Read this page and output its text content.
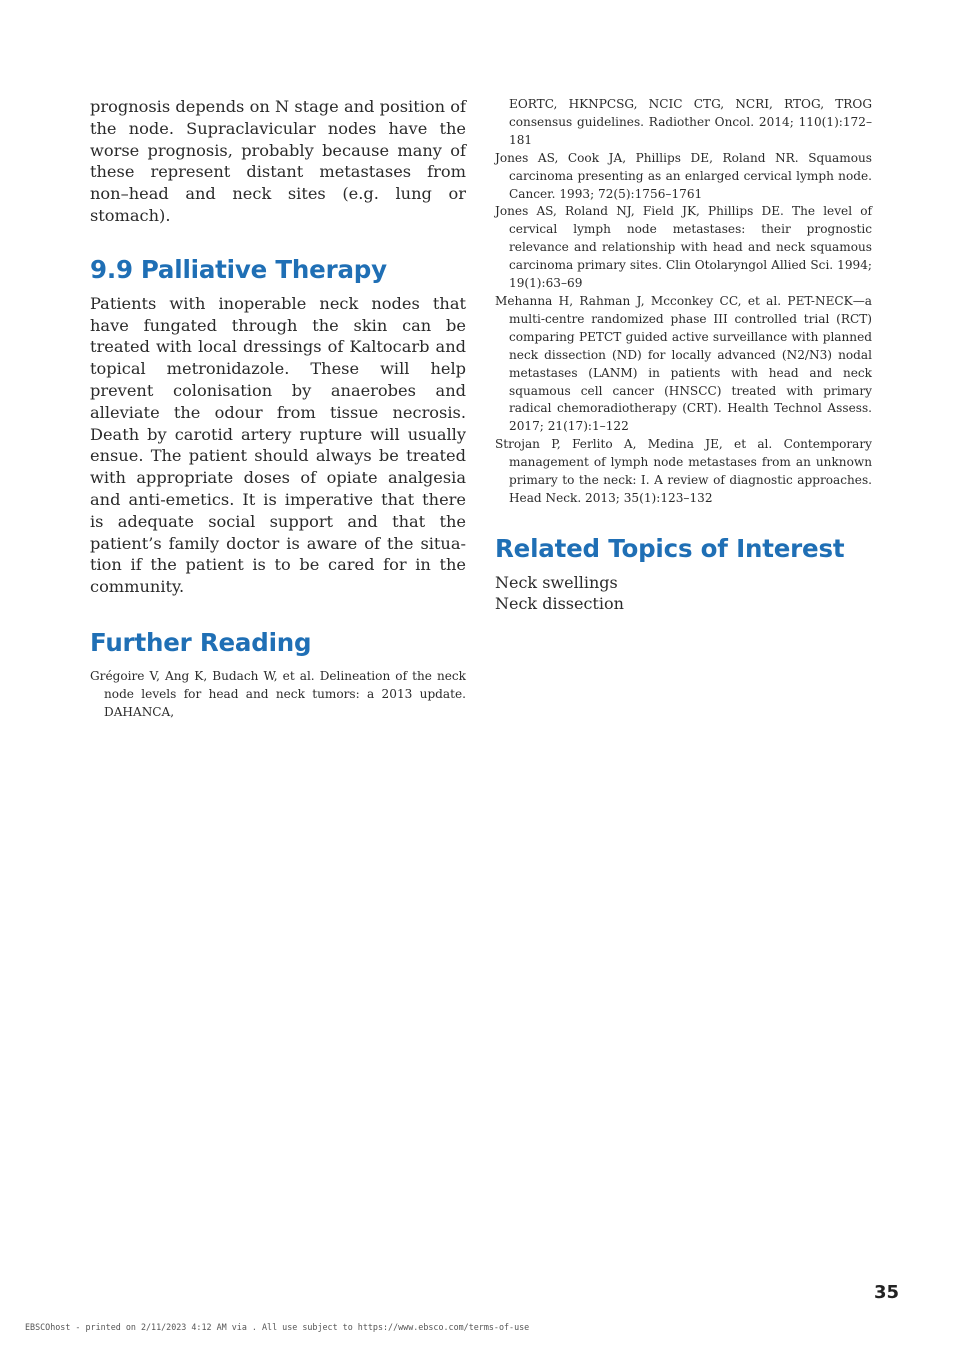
prognosis depends on N stage and position of the node. Supraclavicular nodes have the worse prognosis, probably because many of these represent distant metastases from non–head and neck sites (e.g. lung or stomach).

9.9 Palliative Therapy

Patients with inoperable neck nodes that have fungated through the skin can be treated with local dressings of Kaltocarb and topical metronidazole. These will help prevent colonisation by anaerobes and alleviate the odour from tissue necrosis. Death by carotid artery rupture will usually ensue. The patient should always be treated with appropriate doses of opiate analgesia and anti-emetics. It is imperative that there is adequate social support and that the patient’s family doctor is aware of the situation if the patient is to be cared for in the community.

Further Reading

Grégoire V, Ang K, Budach W, et al. Delineation of the neck node levels for head and neck tumors: a 2013 update. DAHANCA,

EORTC, HKNPCSG, NCIC CTG, NCRI, RTOG, TROG consensus guidelines. Radiother Oncol. 2014; 110(1):172–181

Jones AS, Cook JA, Phillips DE, Roland NR. Squamous carcinoma presenting as an enlarged cervical lymph node. Cancer. 1993; 72(5):1756–1761
Jones AS, Roland NJ, Field JK, Phillips DE. The level of cervical lymph node metastases: their prognostic relevance and relationship with head and neck squamous carcinoma primary sites. Clin Otolaryngol Allied Sci. 1994; 19(1):63–69
Mehanna H, Rahman J, Mcconkey CC, et al. PET-NECK—a multi-centre randomized phase III controlled trial (RCT) comparing PETCT guided active surveillance with planned neck dissection (ND) for locally advanced (N2/N3) nodal metastases (LANM) in patients with head and neck squamous cell cancer (HNSCC) treated with primary radical chemoradiotherapy (CRT). Health Technol Assess. 2017; 21(17):1–122
Strojan P, Ferlito A, Medina JE, et al. Contemporary management of lymph node metastases from an unknown primary to the neck: I. A review of diagnostic approaches. Head Neck. 2013; 35(1):123–132
Related Topics of Interest
Neck swellings
Neck dissection
35
EBSCOhost - printed on 2/11/2023 4:12 AM via . All use subject to https://www.ebsco.com/terms-of-use
